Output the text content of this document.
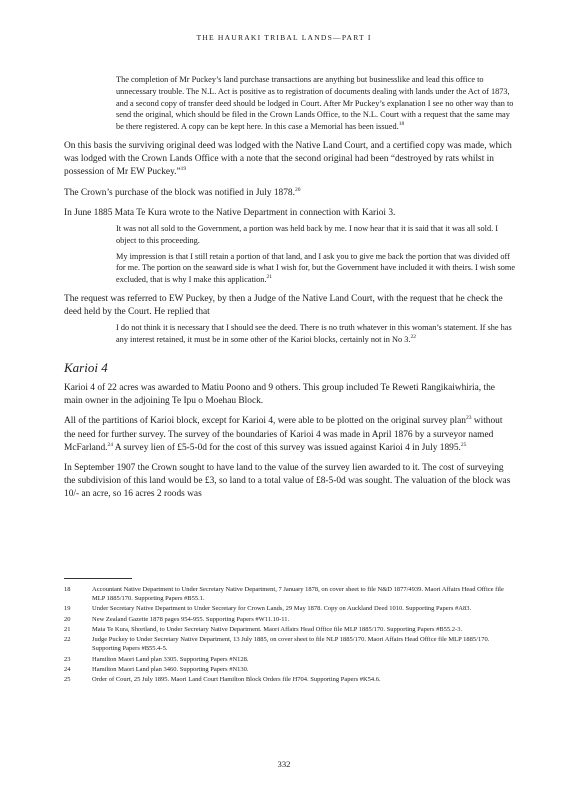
THE HAURAKI TRIBAL LANDS—PART I

The completion of Mr Puckey’s land purchase transactions are anything but businesslike and lead this office to unnecessary trouble. The N.L. Act is positive as to registration of documents dealing with lands under the Act of 1873, and a second copy of transfer deed should be lodged in Court. After Mr Puckey’s explanation I see no other way than to send the original, which should be filed in the Crown Lands Office, to the N.L. Court with a request that the same may be there registered. A copy can be kept here. In this case a Memorial has been issued.$^{18}$

On this basis the surviving original deed was lodged with the Native Land Court, and a certified copy was made, which was lodged with the Crown Lands Office with a note that the second original had been “destroyed by rats whilst in possession of Mr EW Puckey.”$^{19}$

The Crown’s purchase of the block was notified in July 1878.20

In June 1885 Mata Te Kura wrote to the Native Department in connection with Karioi 3.

It was not all sold to the Government, a portion was held back by me. I now hear that it is said that it was all sold. I object to this proceeding.

My impression is that I still retain a portion of that land, and I ask you to give me back the portion that was divided off for me. The portion on the seaward side is what I wish for, but the Government have included it with theirs. I wish some excluded, that is why I make this application.$^{21}$

The request was referred to EW Puckey, by then a Judge of the Native Land Court, with the request that he check the deed held by the Court. He replied that

I do not think it is necessary that I should see the deed. There is no truth whatever in this woman’s statement. If she has any interest retained, it must be in some other of the Karioi blocks, certainly not in No 3.22

Karioi 4

Karioi 4 of 22 acres was awarded to Matiu Poono and 9 others. This group included Te Reweti Rangikaiwhiria, the main owner in the adjoining Te Ipu o Moehau Block.

All of the partitions of Karioi block, except for Karioi 4, were able to be plotted on the original survey plan$^{23}$ without the need for further survey. The survey of the boundaries of Karioi 4 was made in April 1876 by a surveyor named McFarland.$^{24}$ A survey lien of £5-5-0d for the cost of this survey was issued against Karioi 4 in July 1895.25

In September 1907 the Crown sought to have land to the value of the survey lien awarded to it. The cost of surveying the subdivision of this land would be £3, so land to a total value of £8-5-0d was sought. The valuation of the block was 10/- an acre, so 16 acres 2 roods was

18	Accountant Native Department to Under Secretary Native Department, 7 January 1878, on cover sheet to file N&D 1877/4939. Maori Affairs Head Office file MLP 1885/170. Supporting Papers #B55.1.
19	Under Secretary Native Department to Under Secretary for Crown Lands, 29 May 1878. Copy on Auckland Deed 1010. Supporting Papers #A83.
20	New Zealand Gazette 1878 pages 954-955. Supporting Papers #W11.10-11.
21	Mata Te Kura, Shortland, to Under Secretary Native Department. Maori Affairs Head Office file MLP 1885/170. Supporting Papers #B55.2-3.
22	Judge Puckey to Under Secretary Native Department, 13 July 1885, on cover sheet to file NLP 1885/170. Maori Affairs Head Office file MLP 1885/170. Supporting Papers #B55.4-5.
23	Hamilton Maori Land plan 3305. Supporting Papers #N128.
24	Hamilton Maori Land plan 3460. Supporting Papers #N130.
25	Order of Court, 25 July 1895. Maori Land Court Hamilton Block Orders file H704. Supporting Papers #K54.6.
332
